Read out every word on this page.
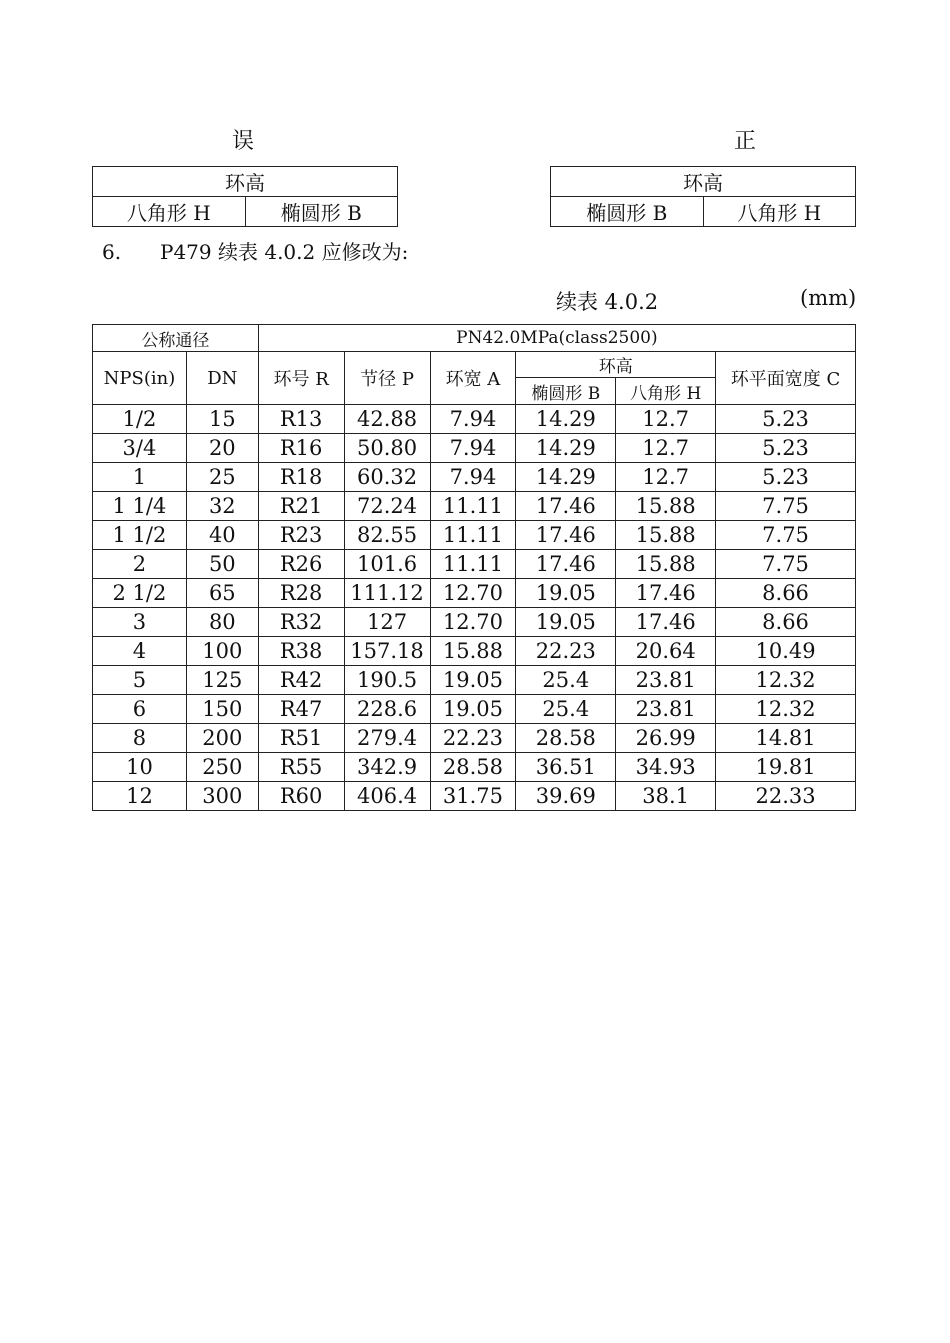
误	正
环高
八角形 H	椭圆形 B
环高
椭圆形 B	八角形 H
6. P479 续表 4.0.2 应修改为:
续表 4.0.2	(mm)
公称通径		PN42.0MPa(class2500)					
NPS(in)	DN	环号 R	节径 P	环宽 A	环高		环平面宽度 C
					椭圆形 B	八角形 H	
1/2	15	R13	42.88	7.94	14.29	12.7	5.23
3/4	20	R16	50.80	7.94	14.29	12.7	5.23
1	25	R18	60.32	7.94	14.29	12.7	5.23
1 1/4	32	R21	72.24	11.11	17.46	15.88	7.75
1 1/2	40	R23	82.55	11.11	17.46	15.88	7.75
2	50	R26	101.6	11.11	17.46	15.88	7.75
2 1/2	65	R28	111.12	12.70	19.05	17.46	8.66
3	80	R32	127	12.70	19.05	17.46	8.66
4	100	R38	157.18	15.88	22.23	20.64	10.49
5	125	R42	190.5	19.05	25.4	23.81	12.32
6	150	R47	228.6	19.05	25.4	23.81	12.32
8	200	R51	279.4	22.23	28.58	26.99	14.81
10	250	R55	342.9	28.58	36.51	34.93	19.81
12	300	R60	406.4	31.75	39.69	38.1	22.33
